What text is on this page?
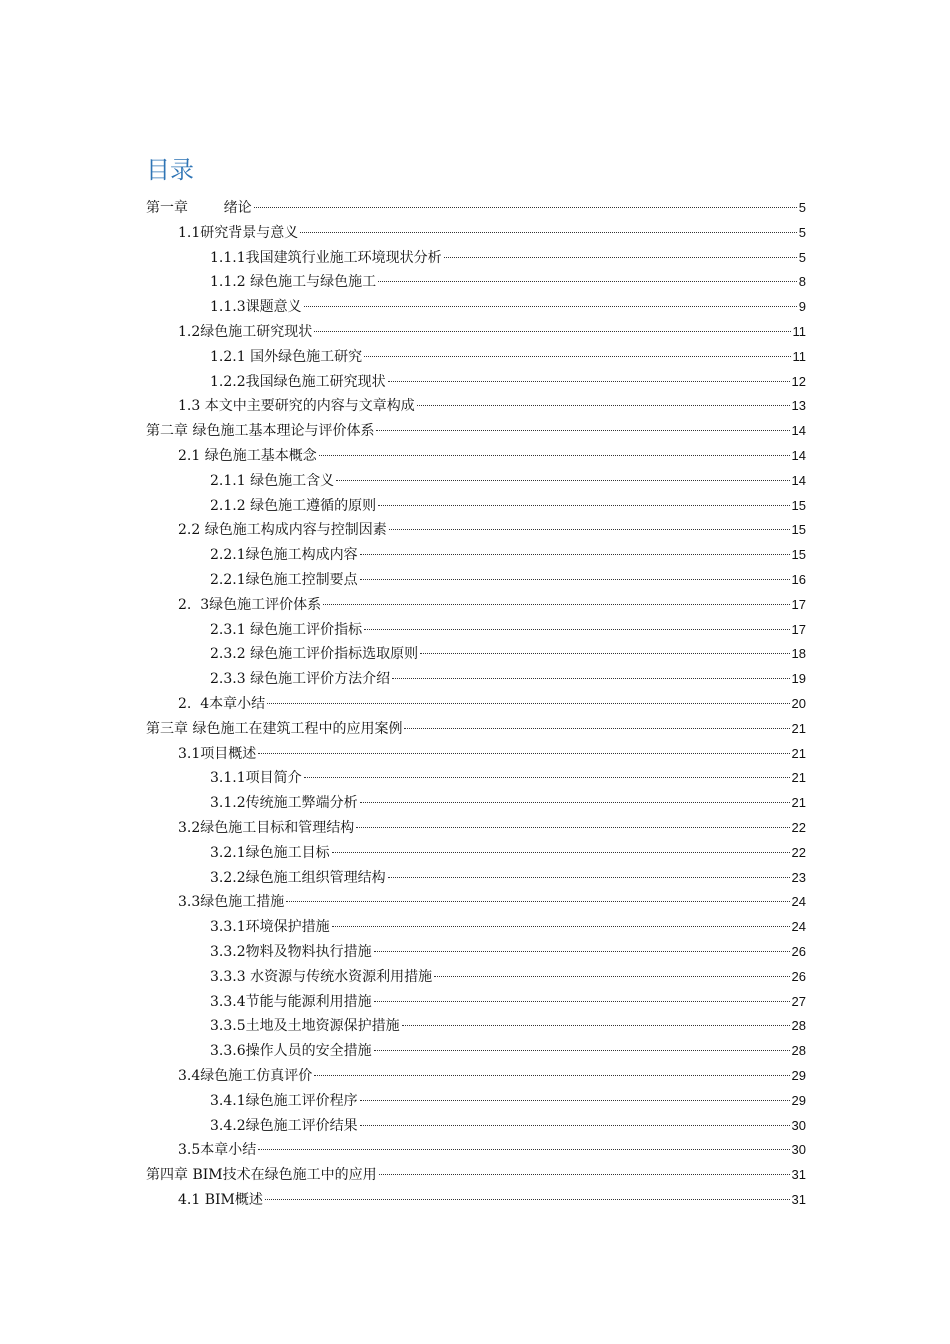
目录
第一章        绪论	5
1.1研究背景与意义	5
1.1.1我国建筑行业施工环境现状分析	5
1.1.2 绿色施工与绿色施工	8
1.1.3课题意义	9
1.2绿色施工研究现状	11
1.2.1 国外绿色施工研究	11
1.2.2我国绿色施工研究现状	12
1.3 本文中主要研究的内容与文章构成	13
第二章 绿色施工基本理论与评价体系	14
2.1 绿色施工基本概念	14
2.1.1 绿色施工含义	14
2.1.2 绿色施工遵循的原则	15
2.2 绿色施工构成内容与控制因素	15
2.2.1绿色施工构成内容	15
2.2.1绿色施工控制要点	16
2.  3绿色施工评价体系	17
2.3.1 绿色施工评价指标	17
2.3.2 绿色施工评价指标选取原则	18
2.3.3 绿色施工评价方法介绍	19
2.  4本章小结	20
第三章 绿色施工在建筑工程中的应用案例	21
3.1项目概述	21
3.1.1项目简介	21
3.1.2传统施工弊端分析	21
3.2绿色施工目标和管理结构	22
3.2.1绿色施工目标	22
3.2.2绿色施工组织管理结构	23
3.3绿色施工措施	24
3.3.1环境保护措施	24
3.3.2物料及物料执行措施	26
3.3.3 水资源与传统水资源利用措施	26
3.3.4节能与能源利用措施	27
3.3.5土地及土地资源保护措施	28
3.3.6操作人员的安全措施	28
3.4绿色施工仿真评价	29
3.4.1绿色施工评价程序	29
3.4.2绿色施工评价结果	30
3.5本章小结	30
第四章 BIM技术在绿色施工中的应用	31
4.1 BIM概述	31
